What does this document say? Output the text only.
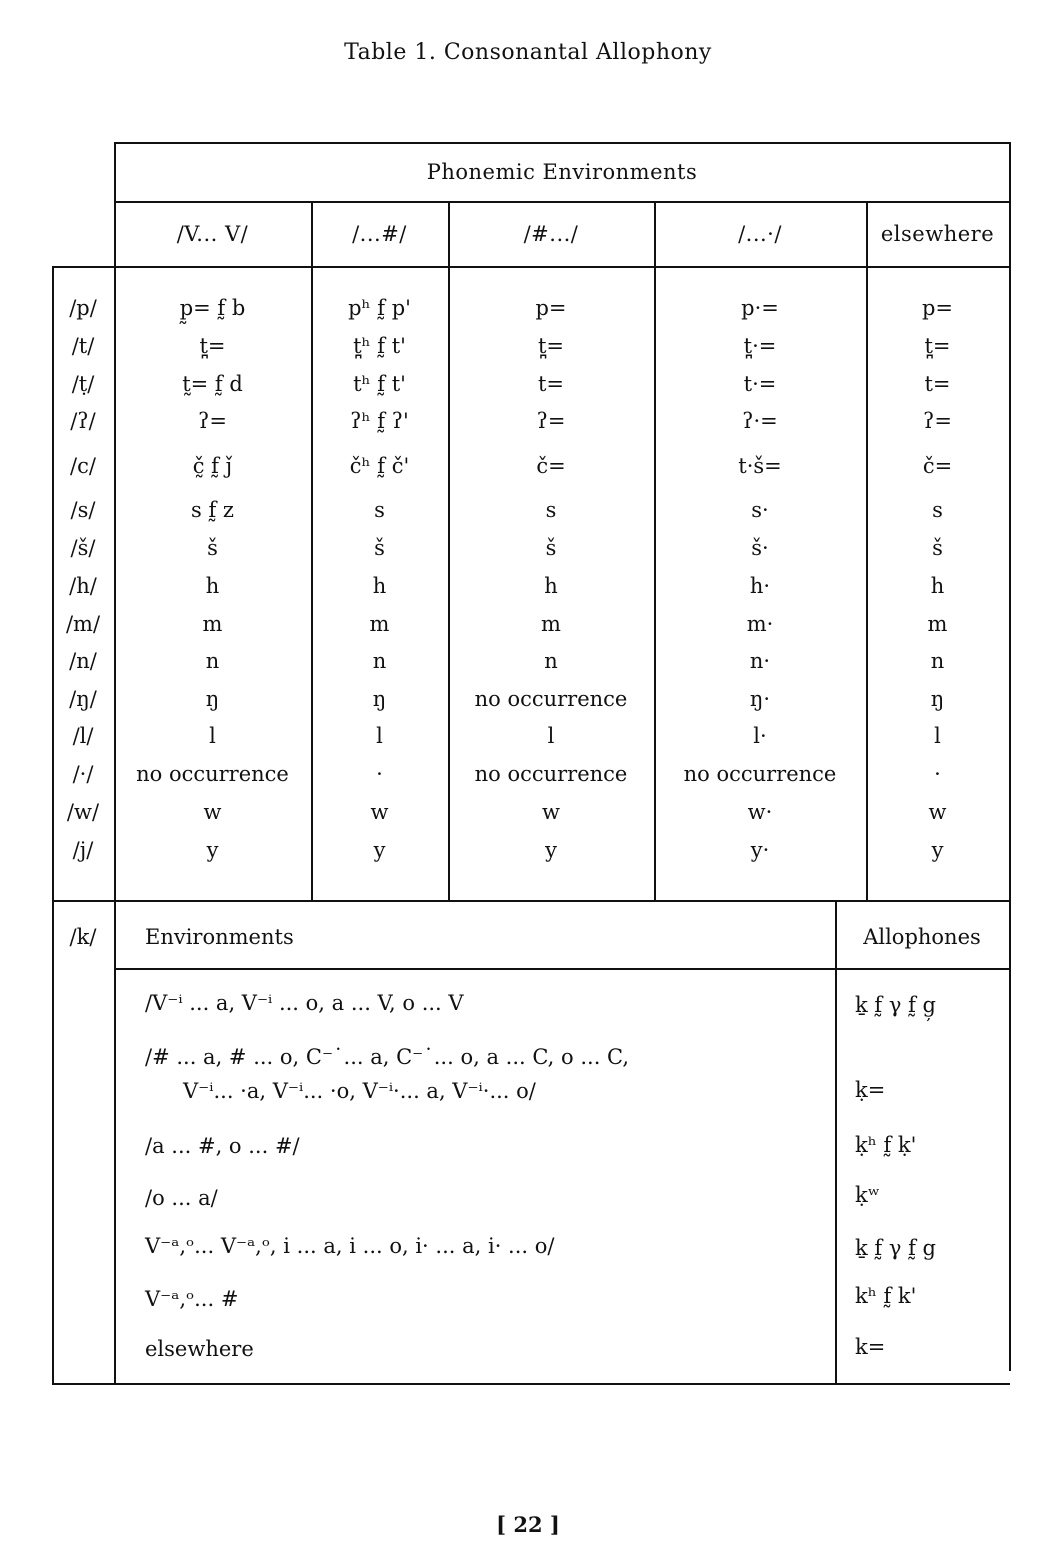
Table 1. Consonantal Allophony
Phonemic Environments
/V... V/	/...#/	/#.../	/...·/	elsewhere
/p/	p̰= f̰ b	pʰ f̰ p'	p=	p·=	p=
/t/	t̪=	t̪ʰ f̰ t'	t̪=	t̪·=	t̪=
/ṭ/	t̰= f̰ d	tʰ f̰ t'	t=	t·=	t=
/ʔ/	ʔ=	ʔʰ f̰ ʔ'	ʔ=	ʔ·=	ʔ=
/c/	č̰ f̰ ǰ	čʰ f̰ č'	č=	t·š=	č=
/s/	s f̰ z	s	s	s·	s
/š/	š	š	š	š·	š
/h/	h	h	h	h·	h
/m/	m	m	m	m·	m
/n/	n	n	n	n·	n
/ŋ/	ŋ	ŋ	no occurrence	ŋ·	ŋ
/l/	l	l	l	l·	l
/·/	no occurrence	·	no occurrence	no occurrence	·
/w/	w	w	w	w·	w
/j/	y	y	y	y·	y
/k/	Environments	Allophones
/V⁻ⁱ ... a, V⁻ⁱ ... o, a ... V, o ... V	ḵ f̰ γ f̰ g̦
/# ... a, # ... o, C⁻˙... a, C⁻˙... o, a ... C, o ... C,
V⁻ⁱ... ·a, V⁻ⁱ... ·o, V⁻ⁱ·... a, V⁻ⁱ·... o/	ḳ=
/a ... #, o ... #/	ḳʰ f̰ ḳ'
/o ... a/	ḳʷ
V⁻ᵃ,ᵒ... V⁻ᵃ,ᵒ, i ... a, i ... o, i· ... a, i· ... o/	ḵ f̰ γ f̰ g
V⁻ᵃ,ᵒ... #	kʰ f̰ k'
elsewhere	k=
[ 22 ]
